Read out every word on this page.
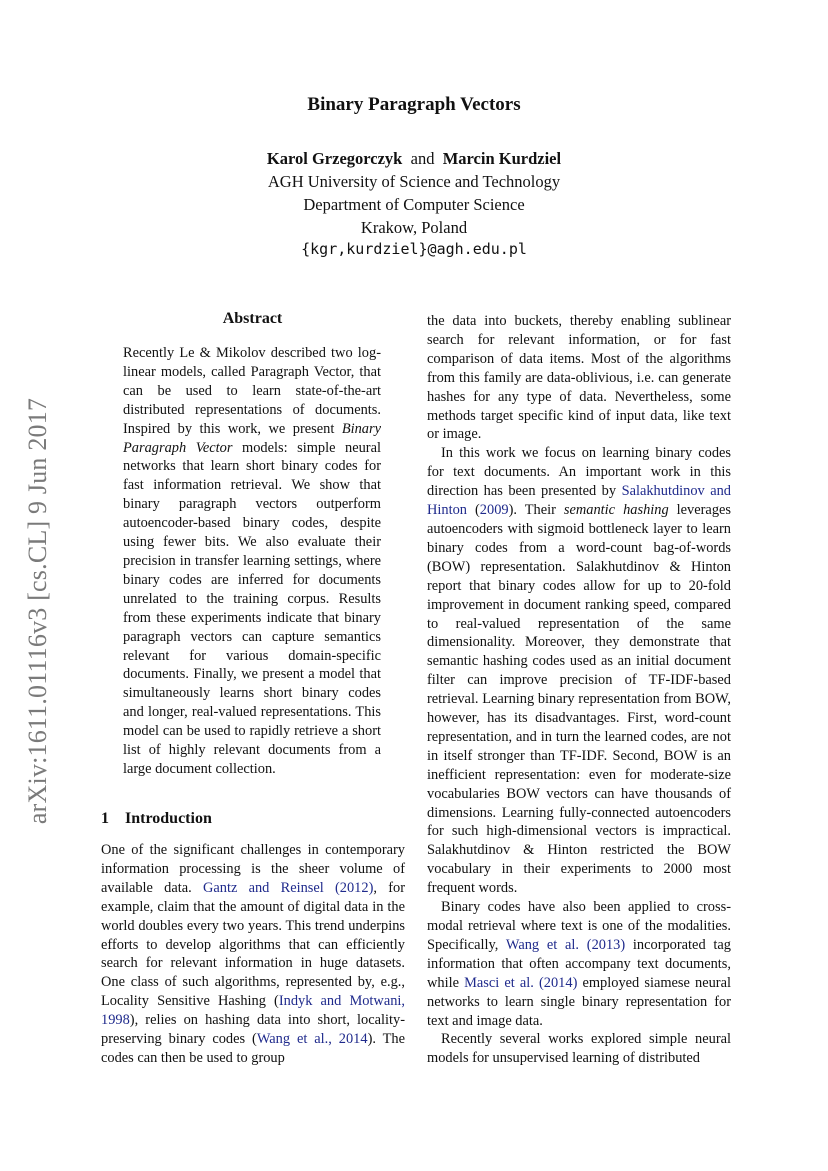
arXiv:1611.01116v3 [cs.CL] 9 Jun 2017
Binary Paragraph Vectors
Karol Grzegorczyk and Marcin Kurdziel
AGH University of Science and Technology
Department of Computer Science
Krakow, Poland
{kgr,kurdziel}@agh.edu.pl
Abstract
Recently Le & Mikolov described two log-linear models, called Paragraph Vector, that can be used to learn state-of-the-art distributed representations of documents. Inspired by this work, we present Binary Paragraph Vector models: simple neural networks that learn short binary codes for fast information retrieval. We show that binary paragraph vectors outperform autoencoder-based binary codes, despite using fewer bits. We also evaluate their precision in transfer learning settings, where binary codes are inferred for documents unrelated to the training corpus. Results from these experiments indicate that binary paragraph vectors can capture semantics relevant for various domain-specific documents. Finally, we present a model that simultaneously learns short binary codes and longer, real-valued representations. This model can be used to rapidly retrieve a short list of highly relevant documents from a large document collection.
1 Introduction

One of the significant challenges in contemporary information processing is the sheer volume of available data. Gantz and Reinsel (2012), for example, claim that the amount of digital data in the world doubles every two years. This trend underpins efforts to develop algorithms that can efficiently search for relevant information in huge datasets. One class of such algorithms, represented by, e.g., Locality Sensitive Hashing (Indyk and Motwani, 1998), relies on hashing data into short, locality-preserving binary codes (Wang et al., 2014). The codes can then be used to group

the data into buckets, thereby enabling sublinear search for relevant information, or for fast comparison of data items. Most of the algorithms from this family are data-oblivious, i.e. can generate hashes for any type of data. Nevertheless, some methods target specific kind of input data, like text or image.

In this work we focus on learning binary codes for text documents. An important work in this direction has been presented by Salakhutdinov and Hinton (2009). Their semantic hashing leverages autoencoders with sigmoid bottleneck layer to learn binary codes from a word-count bag-of-words (BOW) representation. Salakhutdinov & Hinton report that binary codes allow for up to 20-fold improvement in document ranking speed, compared to real-valued representation of the same dimensionality. Moreover, they demonstrate that semantic hashing codes used as an initial document filter can improve precision of TF-IDF-based retrieval. Learning binary representation from BOW, however, has its disadvantages. First, word-count representation, and in turn the learned codes, are not in itself stronger than TF-IDF. Second, BOW is an inefficient representation: even for moderate-size vocabularies BOW vectors can have thousands of dimensions. Learning fully-connected autoencoders for such high-dimensional vectors is impractical. Salakhutdinov & Hinton restricted the BOW vocabulary in their experiments to 2000 most frequent words.

Binary codes have also been applied to cross-modal retrieval where text is one of the modalities. Specifically, Wang et al. (2013) incorporated tag information that often accompany text documents, while Masci et al. (2014) employed siamese neural networks to learn single binary representation for text and image data.

Recently several works explored simple neural models for unsupervised learning of distributed
